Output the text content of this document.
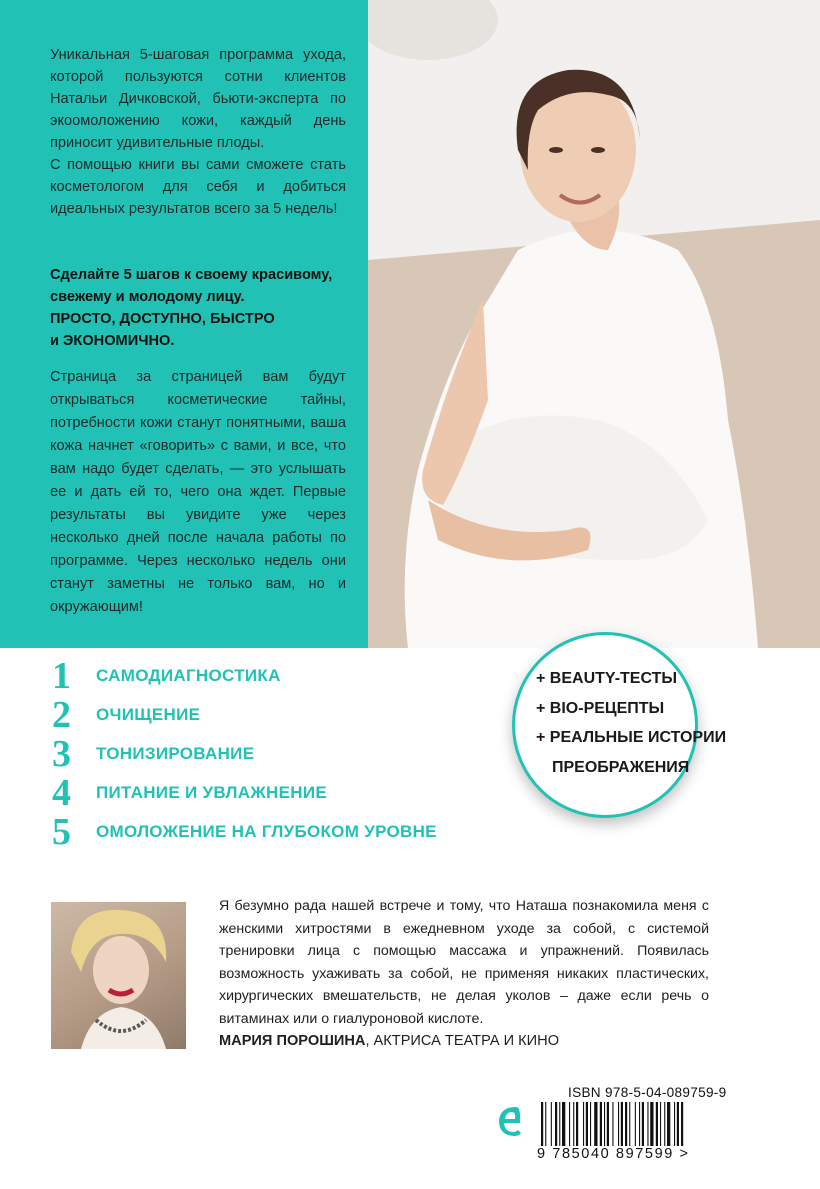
Уникальная 5-шаговая программа ухода, которой пользуются сотни клиентов Натальи Дичковской, бьюти-эксперта по экоомоложению кожи, каждый день приносит удивительные плоды.

С помощью книги вы сами сможете стать косметологом для себя и добиться идеальных результатов всего за 5 недель!

Сделайте 5 шагов к своему красивому,

свежему и молодому лицу.

ПРОСТО, ДОСТУПНО, БЫСТРО

и ЭКОНОМИЧНО.

Страница за страницей вам будут открываться косметические тайны, потребности кожи станут понятными, ваша кожа начнет «говорить» с вами, и все, что вам надо будет сделать, — это услышать ее и дать ей то, чего она ждет. Первые результаты вы увидите уже через несколько дней после начала работы по программе. Через несколько недель они станут заметны не только вам, но и окружающим!
1	САМОДИАГНОСТИКА
2	ОЧИЩЕНИЕ
3	ТОНИЗИРОВАНИЕ
4	ПИТАНИЕ И УВЛАЖНЕНИЕ
5	ОМОЛОЖЕНИЕ НА ГЛУБОКОМ УРОВНЕ
+ BEAUTY-ТЕСТЫ
+ BIO-РЕЦЕПТЫ
+ РЕАЛЬНЫЕ ИСТОРИИ
ПРЕОБРАЖЕНИЯ
Я безумно рада нашей встрече и тому, что Наташа познакомила меня с женскими хитростями в ежедневном уходе за собой, с системой тренировки лица с помощью массажа и упражнений. Появилась возможность ухаживать за собой, не применяя никаких пластических, хирургических вмешательств, не делая уколов – даже если речь о витаминах или о гиалуроновой кислоте.
МАРИЯ ПОРОШИНА, АКТРИСА ТЕАТРА И КИНО
ISBN 978-5-04-089759-9
9 785040 897599 >
